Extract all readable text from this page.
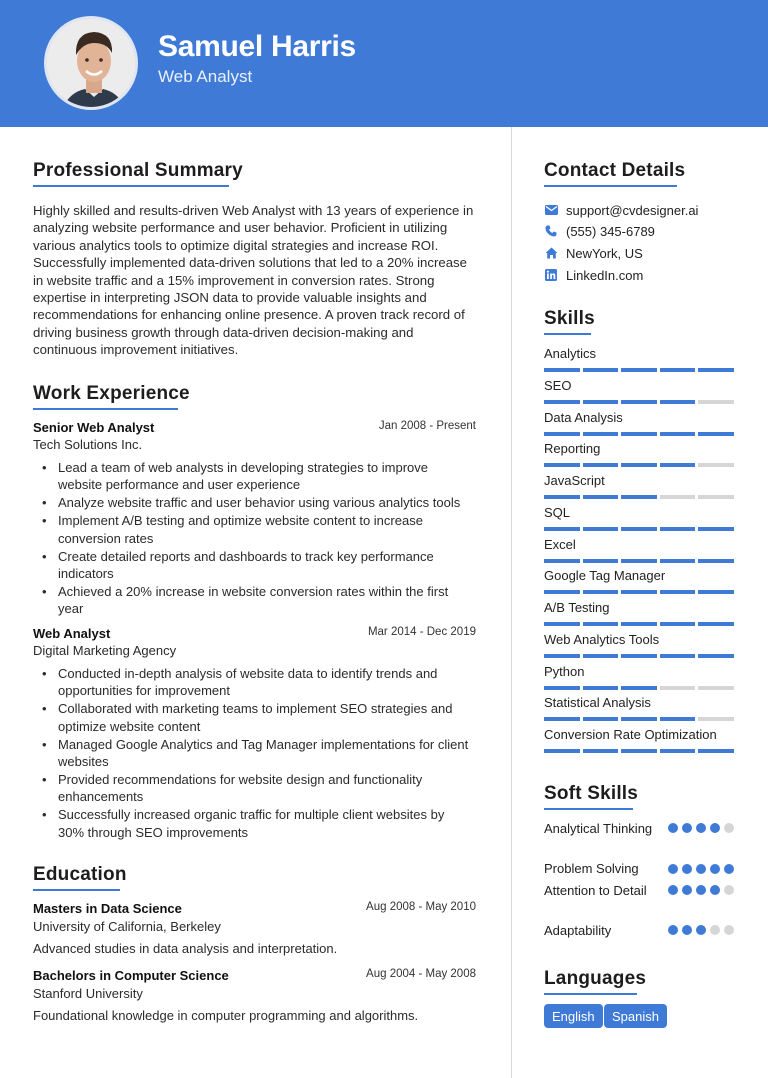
Samuel Harris
Web Analyst
Professional Summary
Highly skilled and results-driven Web Analyst with 13 years of experience in analyzing website performance and user behavior. Proficient in utilizing various analytics tools to optimize digital strategies and increase ROI. Successfully implemented data-driven solutions that led to a 20% increase in website traffic and a 15% improvement in conversion rates. Strong expertise in interpreting JSON data to provide valuable insights and recommendations for enhancing online presence. A proven track record of driving business growth through data-driven decision-making and continuous improvement initiatives.
Work Experience
Senior Web Analyst	Jan 2008 - Present
Tech Solutions Inc.
• Lead a team of web analysts in developing strategies to improve website performance and user experience
• Analyze website traffic and user behavior using various analytics tools
• Implement A/B testing and optimize website content to increase conversion rates
• Create detailed reports and dashboards to track key performance indicators
• Achieved a 20% increase in website conversion rates within the first year
Web Analyst	Mar 2014 - Dec 2019
Digital Marketing Agency
• Conducted in-depth analysis of website data to identify trends and opportunities for improvement
• Collaborated with marketing teams to implement SEO strategies and optimize website content
• Managed Google Analytics and Tag Manager implementations for client websites
• Provided recommendations for website design and functionality enhancements
• Successfully increased organic traffic for multiple client websites by 30% through SEO improvements
Education
Masters in Data Science	Aug 2008 - May 2010
University of California, Berkeley
Advanced studies in data analysis and interpretation.
Bachelors in Computer Science	Aug 2004 - May 2008
Stanford University
Foundational knowledge in computer programming and algorithms.
Contact Details
support@cvdesigner.ai
(555) 345-6789
NewYork, US
LinkedIn.com
Skills
Analytics
SEO
Data Analysis
Reporting
JavaScript
SQL
Excel
Google Tag Manager
A/B Testing
Web Analytics Tools
Python
Statistical Analysis
Conversion Rate Optimization
Soft Skills
Analytical Thinking
Problem Solving
Attention to Detail
Adaptability
Languages
English	Spanish
